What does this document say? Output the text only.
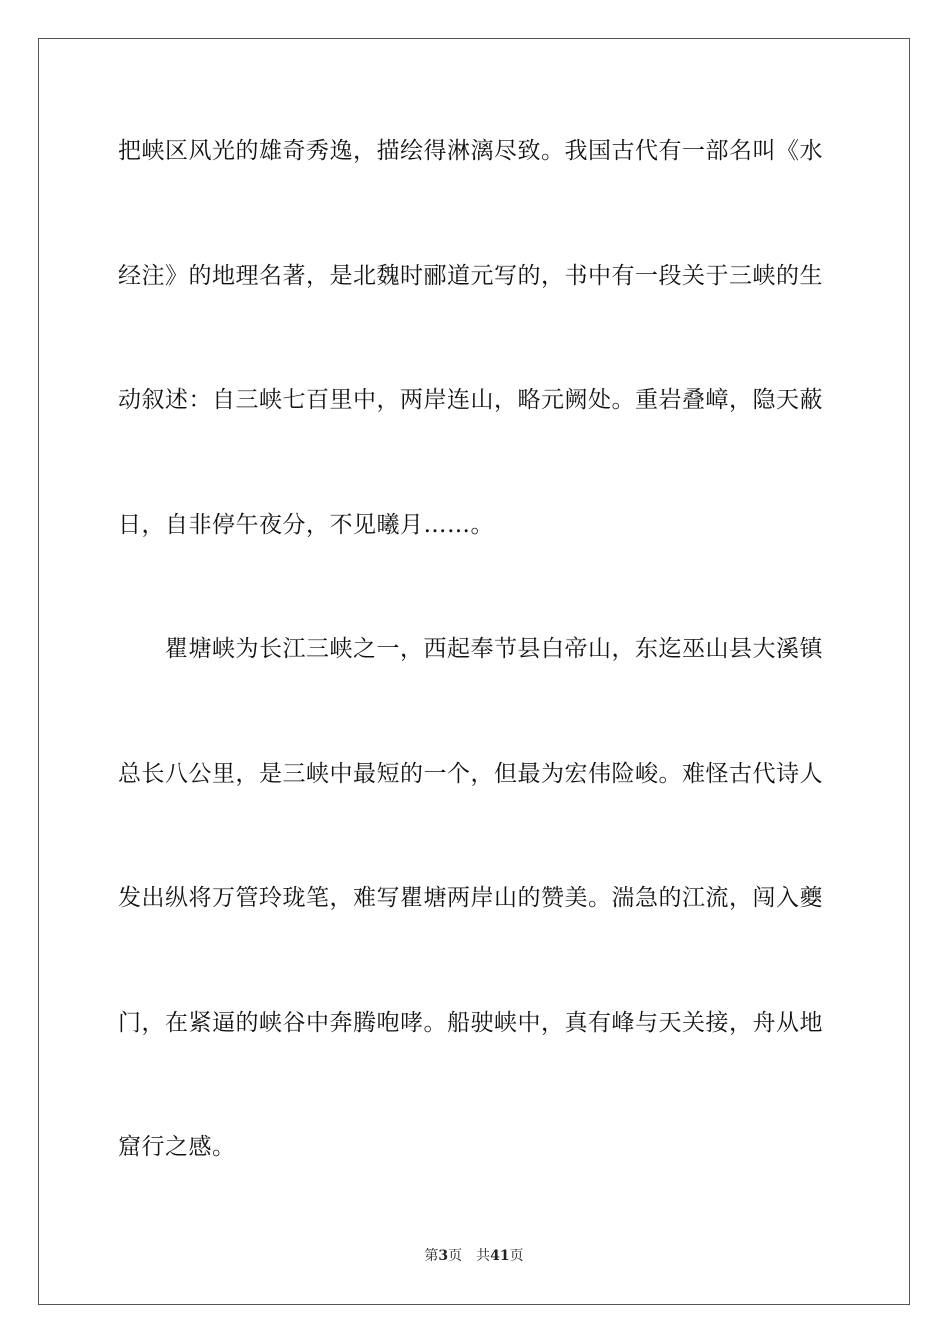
把峡区风光的雄奇秀逸，描绘得淋漓尽致。我国古代有一部名叫《水
经注》的地理名著，是北魏时郦道元写的，书中有一段关于三峡的生
动叙述：自三峡七百里中，两岸连山，略元阙处。重岩叠嶂，隐天蔽
日，自非停午夜分，不见曦月……。
　　瞿塘峡为长江三峡之一，西起奉节县白帝山，东迄巫山县大溪镇
总长八公里，是三峡中最短的一个，但最为宏伟险峻。难怪古代诗人
发出纵将万管玲珑笔，难写瞿塘两岸山的赞美。湍急的江流，闯入夔
门，在紧逼的峡谷中奔腾咆哮。船驶峡中，真有峰与天关接，舟从地
窟行之感。
第3页 共41页
